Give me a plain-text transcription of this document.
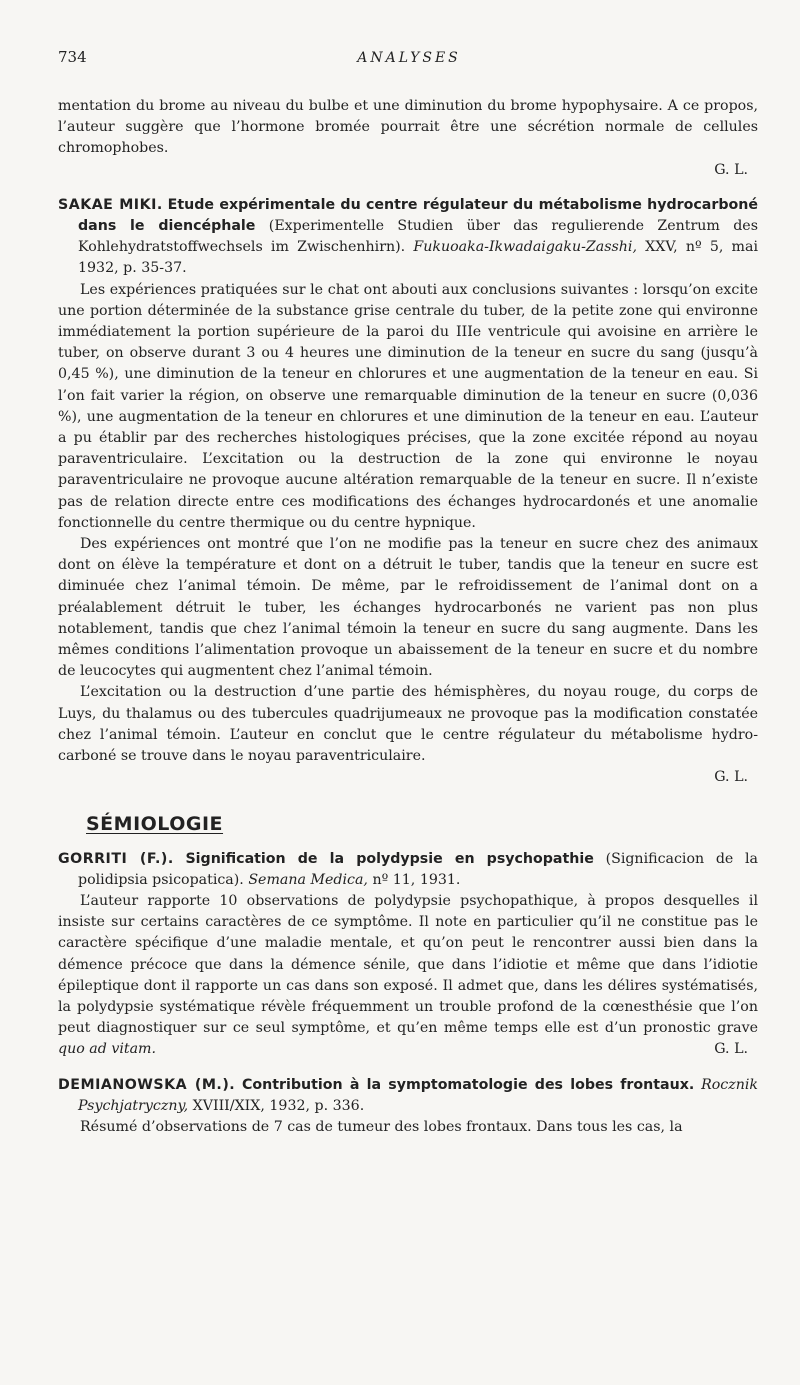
734	ANALYSES

mentation du brome au niveau du bulbe et une diminution du brome hypophysaire. A ce propos, l’auteur suggère que l’hormone bromée pourrait être une sécrétion normale de cellules chromophobes.

G. L.
SAKAE MIKI. Etude expérimentale du centre régulateur du métabolisme hydrocarboné dans le diencéphale (Experimentelle Studien über das regulierende Zentrum des Kohlehydratstoffwechsels im Zwischenhirn). Fukuoaka-Ikwadaigaku-Zasshi, XXV, nº 5, mai 1932, p. 35-37.

Les expériences pratiquées sur le chat ont abouti aux conclusions suivantes : lorsqu’on excite une portion déterminée de la substance grise centrale du tuber, de la petite zone qui environne immédiatement la portion supérieure de la paroi du IIIe ventricule qui avoisine en arrière le tuber, on observe durant 3 ou 4 heures une diminution de la teneur en sucre du sang (jusqu’à 0,45 %), une diminution de la teneur en chlorures et une augmentation de la teneur en eau. Si l’on fait varier la région, on observe une remarquable diminution de la teneur en sucre (0,036 %), une augmentation de la teneur en chlorures et une diminution de la teneur en eau. L’auteur a pu établir par des recherches histologiques précises, que la zone excitée répond au noyau paraventriculaire. L’excitation ou la destruction de la zone qui environne le noyau paraventriculaire ne provoque aucune altération remarquable de la teneur en sucre. Il n’existe pas de relation directe entre ces modifications des échanges hydrocardonés et une anomalie fonctionnelle du centre thermique ou du centre hypnique.

Des expériences ont montré que l’on ne modifie pas la teneur en sucre chez des animaux dont on élève la température et dont on a détruit le tuber, tandis que la teneur en sucre est diminuée chez l’animal témoin. De même, par le refroidissement de l’animal dont on a préalablement détruit le tuber, les échanges hydrocarbonés ne varient pas non plus notablement, tandis que chez l’animal témoin la teneur en sucre du sang augmente. Dans les mêmes conditions l’alimentation provoque un abaissement de la teneur en sucre et du nombre de leucocytes qui augmentent chez l’animal témoin.

L’excitation ou la destruction d’une partie des hémisphères, du noyau rouge, du corps de Luys, du thalamus ou des tubercules quadrijumeaux ne provoque pas la modification constatée chez l’animal témoin. L’auteur en conclut que le centre régulateur du métabolisme hydro-carboné se trouve dans le noyau paraventriculaire.

G. L.
SÉMIOLOGIE
GORRITI (F.). Signification de la polydypsie en psychopathie (Significacion de la polidipsia psicopatica). Semana Medica, nº 11, 1931.

L’auteur rapporte 10 observations de polydypsie psychopathique, à propos desquelles il insiste sur certains caractères de ce symptôme. Il note en particulier qu’il ne constitue pas le caractère spécifique d’une maladie mentale, et qu’on peut le rencontrer aussi bien dans la démence précoce que dans la démence sénile, que dans l’idiotie et même que dans l’idiotie épileptique dont il rapporte un cas dans son exposé. Il admet que, dans les délires systématisés, la polydypsie systématique révèle fréquemment un trouble profond de la cœnesthésie que l’on peut diagnostiquer sur ce seul symptôme, et qu’en même temps elle est d’un pronostic grave quo ad vitam.	G. L.

DEMIANOWSKA (M.). Contribution à la symptomatologie des lobes frontaux. Rocznik Psychjatryczny, XVIII/XIX, 1932, p. 336.

Résumé d’observations de 7 cas de tumeur des lobes frontaux. Dans tous les cas, la
